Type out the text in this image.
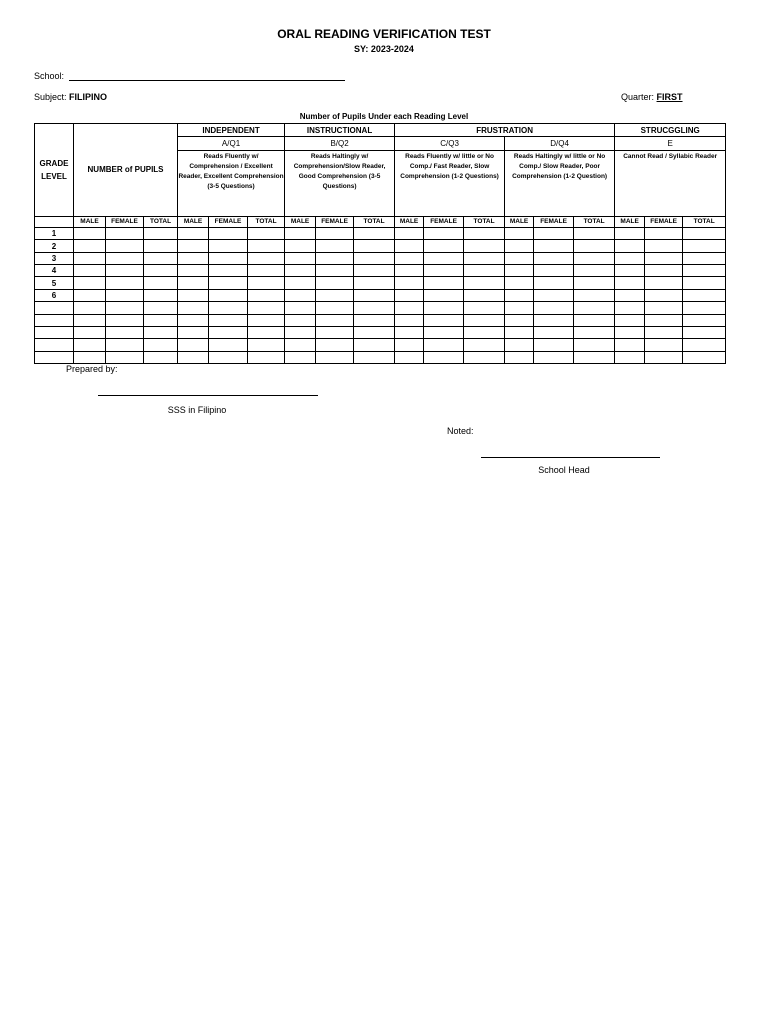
ORAL READING VERIFICATION TEST
SY: 2023-2024
School:
Subject: FILIPINO	Quarter: FIRST
Number of Pupils Under each Reading Level
GRADE
LEVEL	NUMBER of PUPILS			INDEPENDENT			INSTRUCTIONAL			FRUSTRATION						STRUCGGLING		
				A/Q1			B/Q2			C/Q3			D/Q4			E		
				Reads Fluently w/ Comprehension / Excellent Reader, Excellent Comprehension (3-5 Questions)			Reads Haltingly w/ Comprehension/Slow Reader, Good Comprehension (3-5 Questions)			Reads Fluently w/ little or No Comp./ Fast Reader, Slow Comprehension (1-2 Questions)			Reads Haltingly w/ little or No Comp./ Slow Reader, Poor Comprehension (1-2 Question)			Cannot Read / Syllabic Reader		
	MALE	FEMALE	TOTAL	MALE	FEMALE	TOTAL	MALE	FEMALE	TOTAL	MALE	FEMALE	TOTAL	MALE	FEMALE	TOTAL	MALE	FEMALE	TOTAL
1																		
2																		
3																		
4																		
5																		
6																		

Prepared by:
SSS in Filipino
Noted:
School Head
